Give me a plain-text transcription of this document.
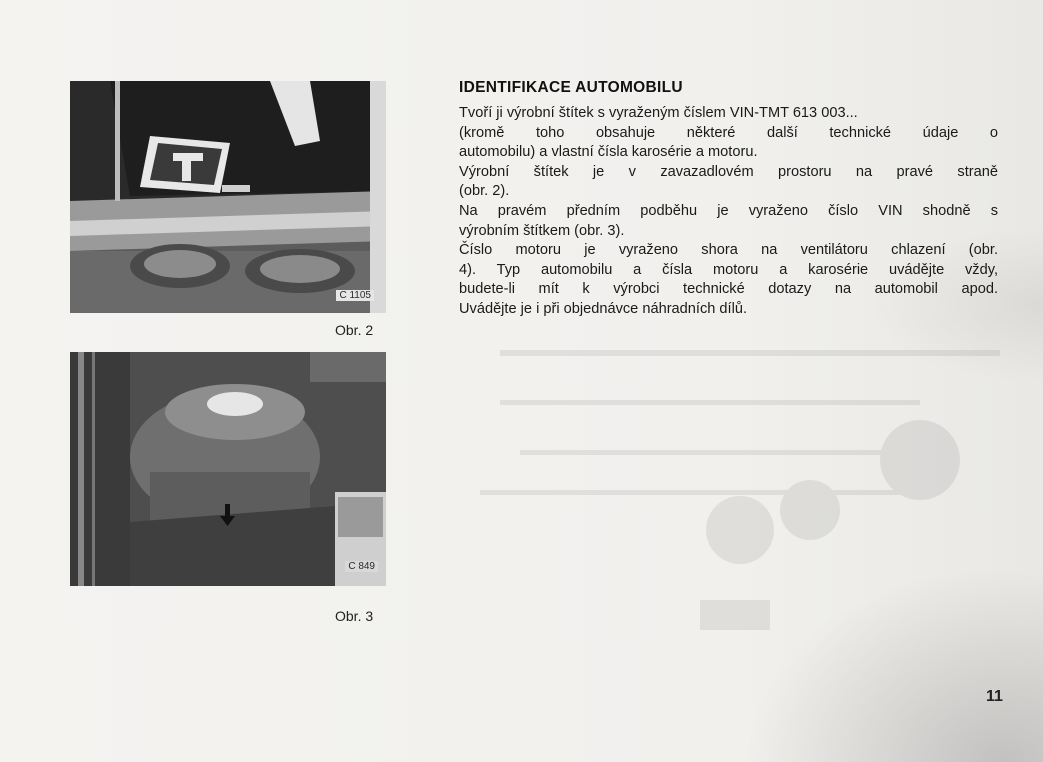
C 1105
Obr. 2
C 849
Obr. 3
IDENTIFIKACE AUTOMOBILU
Tvoří ji výrobní štítek s vyraženým číslem VIN-TMT 613 003...
(kromě toho obsahuje některé další technické údaje o
automobilu) a vlastní čísla karosérie a motoru.
Výrobní štítek je v zavazadlovém prostoru na pravé straně
(obr. 2).
Na pravém předním podběhu je vyraženo číslo VIN shodně s
výrobním štítkem (obr. 3).
Číslo motoru je vyraženo shora na ventilátoru chlazení (obr.
4). Typ automobilu a čísla motoru a karosérie uvádějte vždy,
budete-li mít k výrobci technické dotazy na automobil apod.
Uvádějte je i při objednávce náhradních dílů.
11
